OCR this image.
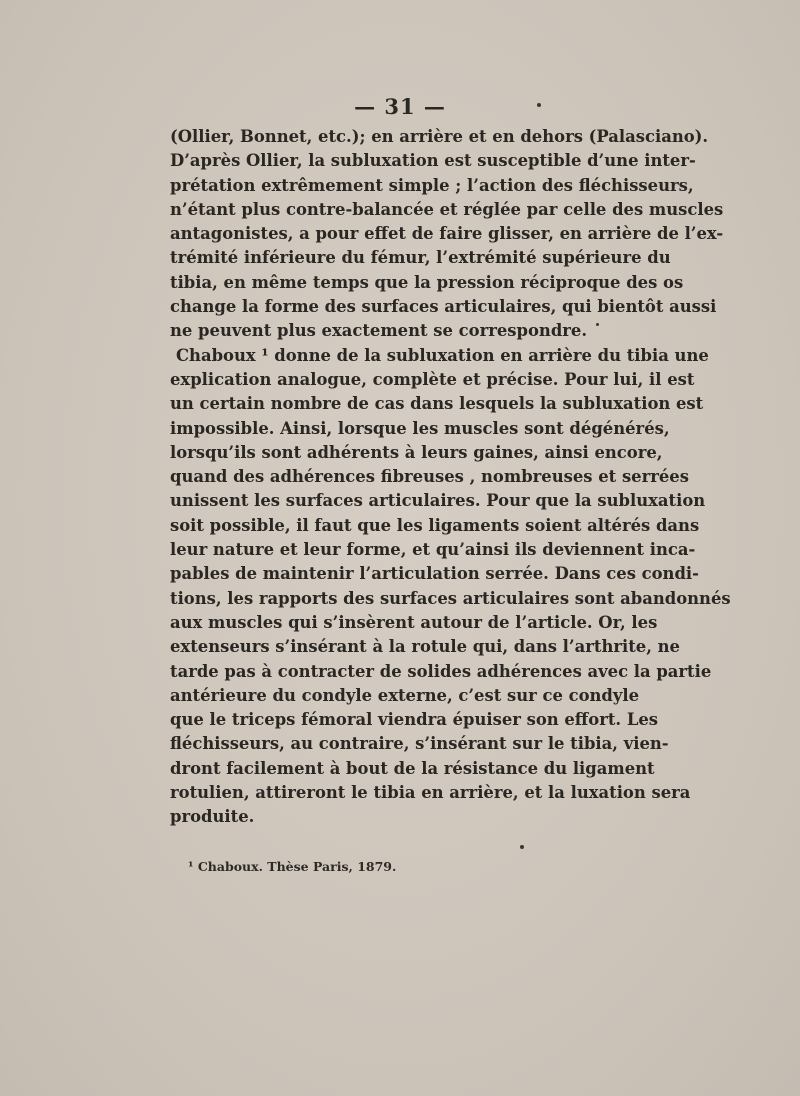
— 31 —
(Ollier, Bonnet, etc.); en arrière et en dehors (Palasciano).
D’après Ollier, la subluxation est susceptible d’une inter-
prétation extrêmement simple ; l’action des fléchisseurs,
n’étant plus contre-balancée et réglée par celle des muscles
antagonistes, a pour effet de faire glisser, en arrière de l’ex-
trémité inférieure du fémur, l’extrémité supérieure du
tibia, en même temps que la pression réciproque des os
change la forme des surfaces articulaires, qui bientôt aussi
ne peuvent plus exactement se correspondre.
Chaboux ¹ donne de la subluxation en arrière du tibia une
explication analogue, complète et précise. Pour lui, il est
un certain nombre de cas dans lesquels la subluxation est
impossible. Ainsi, lorsque les muscles sont dégénérés,
lorsqu’ils sont adhérents à leurs gaines, ainsi encore,
quand des adhérences fibreuses , nombreuses et serrées
unissent les surfaces articulaires. Pour que la subluxation
soit possible, il faut que les ligaments soient altérés dans
leur nature et leur forme, et qu’ainsi ils deviennent inca-
pables de maintenir l’articulation serrée. Dans ces condi-
tions, les rapports des surfaces articulaires sont abandonnés
aux muscles qui s’insèrent autour de l’article. Or, les
extenseurs s’insérant à la rotule qui, dans l’arthrite, ne
tarde pas à contracter de solides adhérences avec la partie
antérieure du condyle externe, c’est sur ce condyle
que le triceps fémoral viendra épuiser son effort. Les
fléchisseurs, au contraire, s’insérant sur le tibia, vien-
dront facilement à bout de la résistance du ligament
rotulien, attireront le tibia en arrière, et la luxation sera
produite.
¹ Chaboux. Thèse Paris, 1879.
